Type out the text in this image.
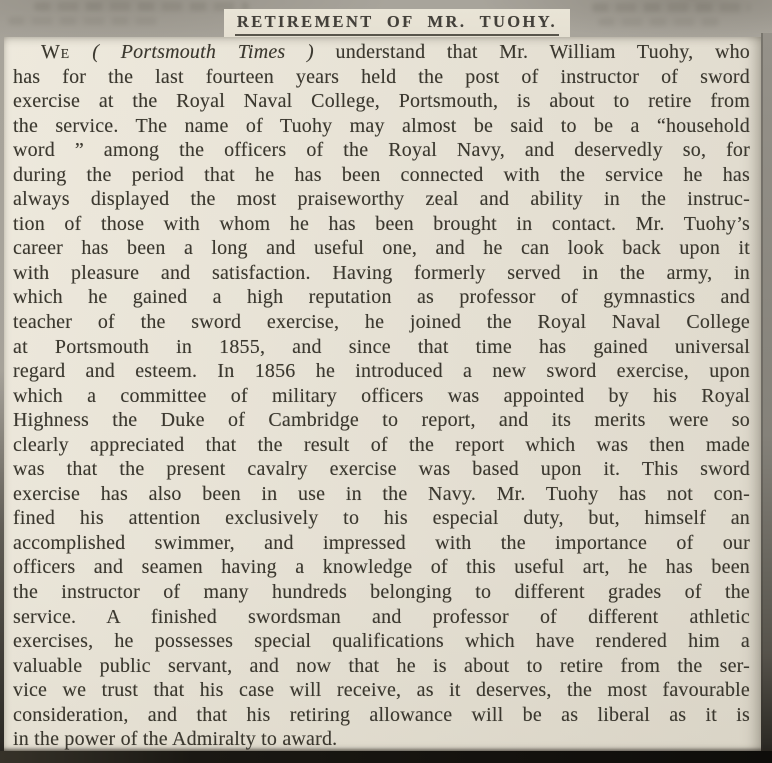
RETIREMENT OF MR. TUOHY.
We ( Portsmouth Times ) understand that Mr. William Tuohy, who
has for the last fourteen years held the post of instructor of sword
exercise at the Royal Naval College, Portsmouth, is about to retire from
the service. The name of Tuohy may almost be said to be a “household
word ” among the officers of the Royal Navy, and deservedly so, for
during the period that he has been connected with the service he has
always displayed the most praiseworthy zeal and ability in the instruc-
tion of those with whom he has been brought in contact. Mr. Tuohy’s
career has been a long and useful one, and he can look back upon it
with pleasure and satisfaction. Having formerly served in the army, in
which he gained a high reputation as professor of gymnastics and
teacher of the sword exercise, he joined the Royal Naval College
at Portsmouth in 1855, and since that time has gained universal
regard and esteem. In 1856 he introduced a new sword exercise, upon
which a committee of military officers was appointed by his Royal
Highness the Duke of Cambridge to report, and its merits were so
clearly appreciated that the result of the report which was then made
was that the present cavalry exercise was based upon it. This sword
exercise has also been in use in the Navy. Mr. Tuohy has not con-
fined his attention exclusively to his especial duty, but, himself an
accomplished swimmer, and impressed with the importance of our
officers and seamen having a knowledge of this useful art, he has been
the instructor of many hundreds belonging to different grades of the
service. A finished swordsman and professor of different athletic
exercises, he possesses special qualifications which have rendered him a
valuable public servant, and now that he is about to retire from the ser-
vice we trust that his case will receive, as it deserves, the most favourable
consideration, and that his retiring allowance will be as liberal as it is
in the power of the Admiralty to award.
